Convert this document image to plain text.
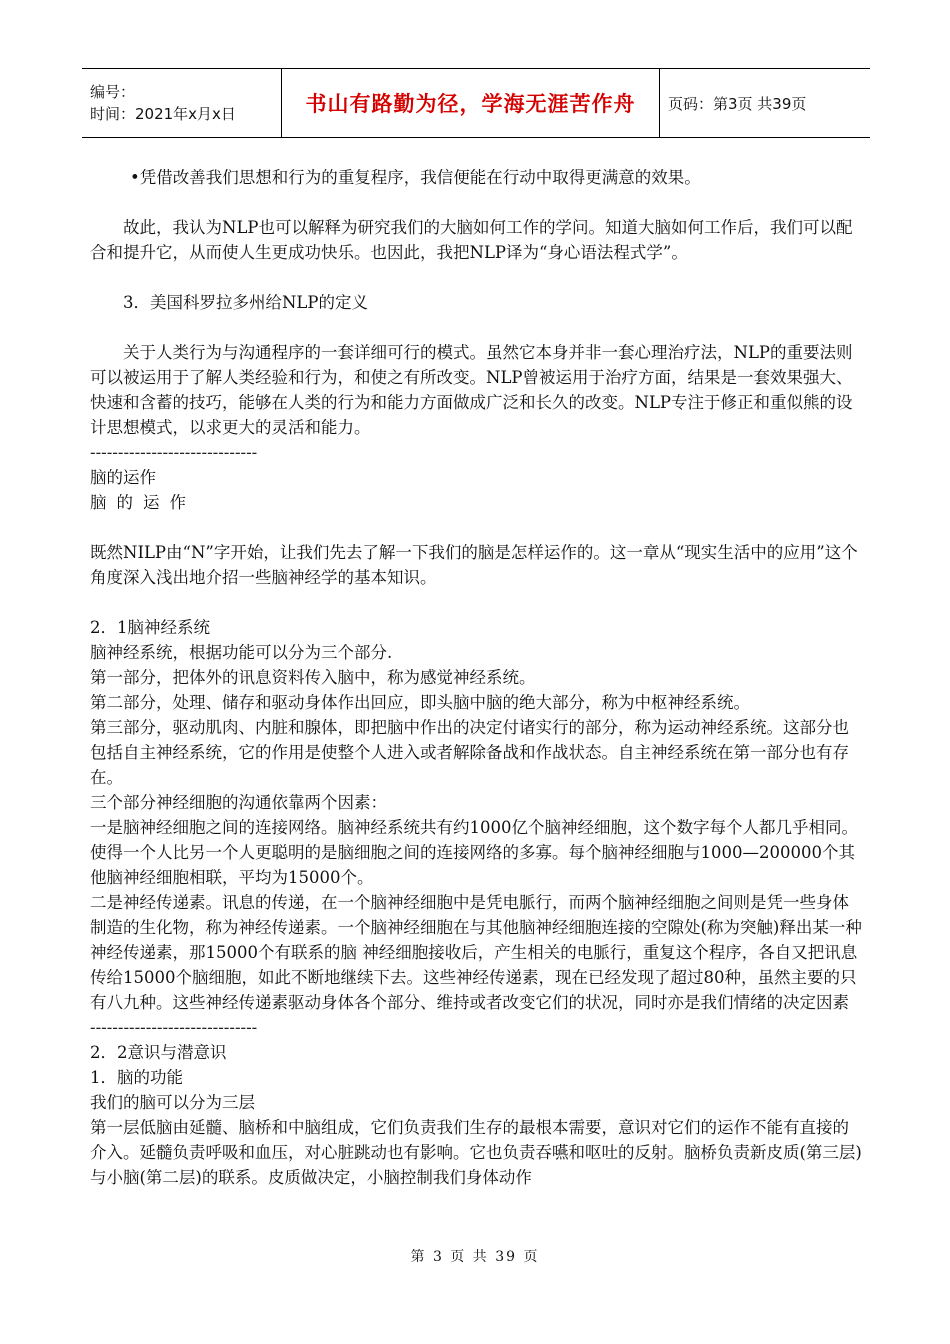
编号：
时间：2021年x月x日	书山有路勤为径，学海无涯苦作舟 页码：第3页 共39页

•凭借改善我们思想和行为的重复程序，我信便能在行动中取得更满意的效果。

故此，我认为NLP也可以解释为研究我们的大脑如何工作的学问。知道大脑如何工作后，我们可以配合和提升它，从而使人生更成功快乐。也因此，我把NLP译为“身心语法程式学”。

3．美国科罗拉多州给NLP的定义

关于人类行为与沟通程序的一套详细可行的模式。虽然它本身并非一套心理治疗法，NLP的重要法则可以被运用于了解人类经验和行为，和使之有所改变。NLP曾被运用于治疗方面，结果是一套效果强大、快速和含蓄的技巧，能够在人类的行为和能力方面做成广泛和长久的改变。NLP专注于修正和重似熊的设计思想模式，以求更大的灵活和能力。

------------------------------

脑的运作

脑的运作

既然NILP由“N”字开始，让我们先去了解一下我们的脑是怎样运作的。这一章从“现实生活中的应用”这个角度深入浅出地介招一些脑神经学的基本知识。

2．1脑神经系统

脑神经系统，根据功能可以分为三个部分.

第一部分，把体外的讯息资料传入脑中，称为感觉神经系统。

第二部分，处理、储存和驱动身体作出回应，即头脑中脑的绝大部分，称为中枢神经系统。

第三部分，驱动肌肉、内脏和腺体，即把脑中作出的决定付诸实行的部分，称为运动神经系统。这部分也包括自主神经系统，它的作用是使整个人进入或者解除备战和作战状态。自主神经系统在第一部分也有存在。

三个部分神经细胞的沟通依靠两个因素：

一是脑神经细胞之间的连接网络。脑神经系统共有约1000亿个脑神经细胞，这个数字每个人都几乎相同。使得一个人比另一个人更聪明的是脑细胞之间的连接网络的多寡。每个脑神经细胞与1000—200000个其他脑神经细胞相联，平均为15000个。

二是神经传递素。讯息的传递，在一个脑神经细胞中是凭电脈行，而两个脑神经细胞之间则是凭一些身体制造的生化物，称为神经传递素。一个脑神经细胞在与其他脑神经细胞连接的空隙处(称为突触)释出某一种神经传递素，那15000个有联系的脑 神经细胞接收后，产生相关的电脈行，重复这个程序，各自又把讯息传给15000个脑细胞，如此不断地继续下去。这些神经传递素，现在已经发现了超过80种，虽然主要的只有八九种。这些神经传递素驱动身体各个部分、维持或者改变它们的状况，同时亦是我们情绪的决定因素

------------------------------

2．2意识与潜意识

1．脑的功能

我们的脑可以分为三层

第一层低脑由延髓、脑桥和中脑组成，它们负责我们生存的最根本需要，意识对它们的运作不能有直接的介入。延髓负责呼吸和血压，对心脏跳动也有影响。它也负责吞嚥和呕吐的反射。脑桥负责新皮质(第三层)与小脑(第二层)的联系。皮质做决定，小脑控制我们身体动作

第 3 页 共 39 页
